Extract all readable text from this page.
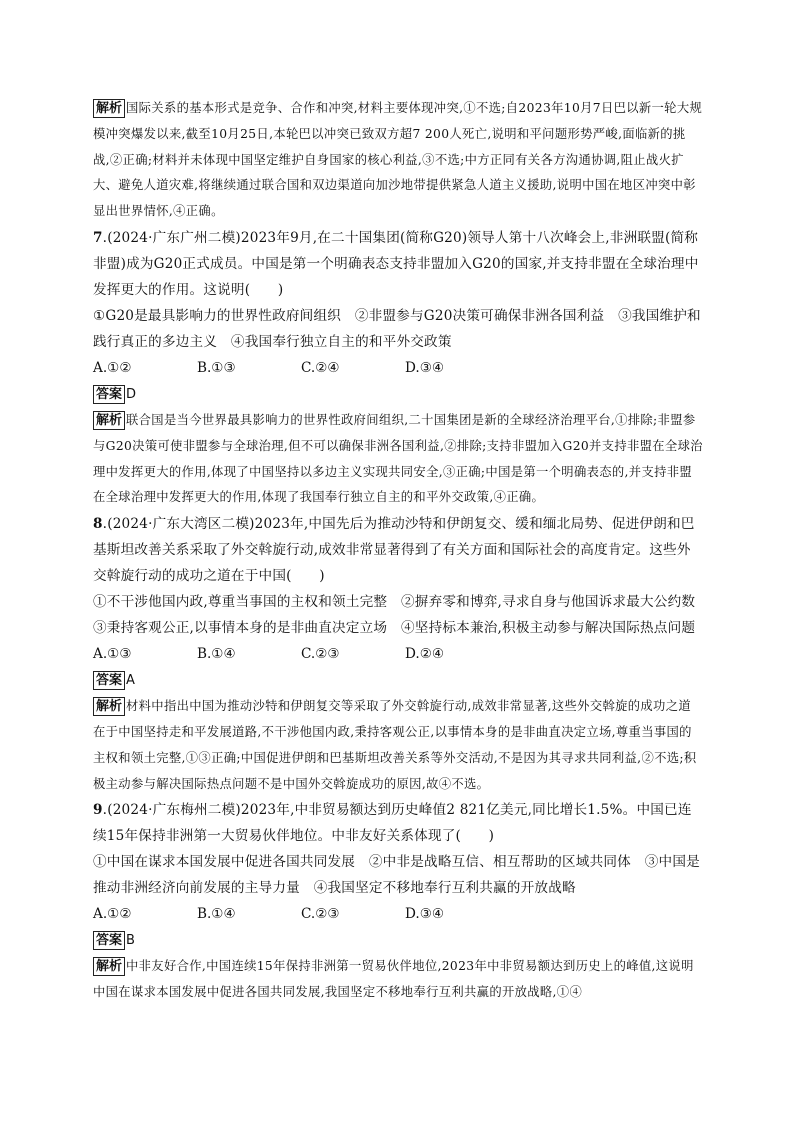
解析 国际关系的基本形式是竞争、合作和冲突,材料主要体现冲突,①不选;自2023年10月7日巴以新一轮大规模冲突爆发以来,截至10月25日,本轮巴以冲突已致双方超7 200人死亡,说明和平问题形势严峻,面临新的挑战,②正确;材料并未体现中国坚定维护自身国家的核心利益,③不选;中方正同有关各方沟通协调,阻止战火扩大、避免人道灾难,将继续通过联合国和双边渠道向加沙地带提供紧急人道主义援助,说明中国在地区冲突中彰显出世界情怀,④正确。

7.(2024·广东广州二模)2023年9月,在二十国集团(简称G20)领导人第十八次峰会上,非洲联盟(简称非盟)成为G20正式成员。中国是第一个明确表态支持非盟加入G20的国家,并支持非盟在全球治理中发挥更大的作用。这说明(　　)

①G20是最具影响力的世界性政府间组织　②非盟参与G20决策可确保非洲各国利益　③我国维护和践行真正的多边主义　④我国奉行独立自主的和平外交政策

A.①②	B.①③	C.②④	D.③④

答案 D

解析 联合国是当今世界最具影响力的世界性政府间组织,二十国集团是新的全球经济治理平台,①排除;非盟参与G20决策可使非盟参与全球治理,但不可以确保非洲各国利益,②排除;支持非盟加入G20并支持非盟在全球治理中发挥更大的作用,体现了中国坚持以多边主义实现共同安全,③正确;中国是第一个明确表态的,并支持非盟在全球治理中发挥更大的作用,体现了我国奉行独立自主的和平外交政策,④正确。

8.(2024·广东大湾区二模)2023年,中国先后为推动沙特和伊朗复交、缓和缅北局势、促进伊朗和巴基斯坦改善关系采取了外交斡旋行动,成效非常显著得到了有关方面和国际社会的高度肯定。这些外交斡旋行动的成功之道在于中国(　　)

①不干涉他国内政,尊重当事国的主权和领土完整　②摒弃零和博弈,寻求自身与他国诉求最大公约数　③秉持客观公正,以事情本身的是非曲直决定立场　④坚持标本兼治,积极主动参与解决国际热点问题

A.①③	B.①④	C.②③	D.②④

答案 A

解析 材料中指出中国为推动沙特和伊朗复交等采取了外交斡旋行动,成效非常显著,这些外交斡旋的成功之道在于中国坚持走和平发展道路,不干涉他国内政,秉持客观公正,以事情本身的是非曲直决定立场,尊重当事国的主权和领土完整,①③正确;中国促进伊朗和巴基斯坦改善关系等外交活动,不是因为其寻求共同利益,②不选;积极主动参与解决国际热点问题不是中国外交斡旋成功的原因,故④不选。

9.(2024·广东梅州二模)2023年,中非贸易额达到历史峰值2 821亿美元,同比增长1.5%。中国已连续15年保持非洲第一大贸易伙伴地位。中非友好关系体现了(　　)

①中国在谋求本国发展中促进各国共同发展　②中非是战略互信、相互帮助的区域共同体　③中国是推动非洲经济向前发展的主导力量　④我国坚定不移地奉行互利共赢的开放战略

A.①②	B.①④	C.②③	D.③④

答案 B

解析 中非友好合作,中国连续15年保持非洲第一贸易伙伴地位,2023年中非贸易额达到历史上的峰值,这说明中国在谋求本国发展中促进各国共同发展,我国坚定不移地奉行互利共赢的开放战略,①④
